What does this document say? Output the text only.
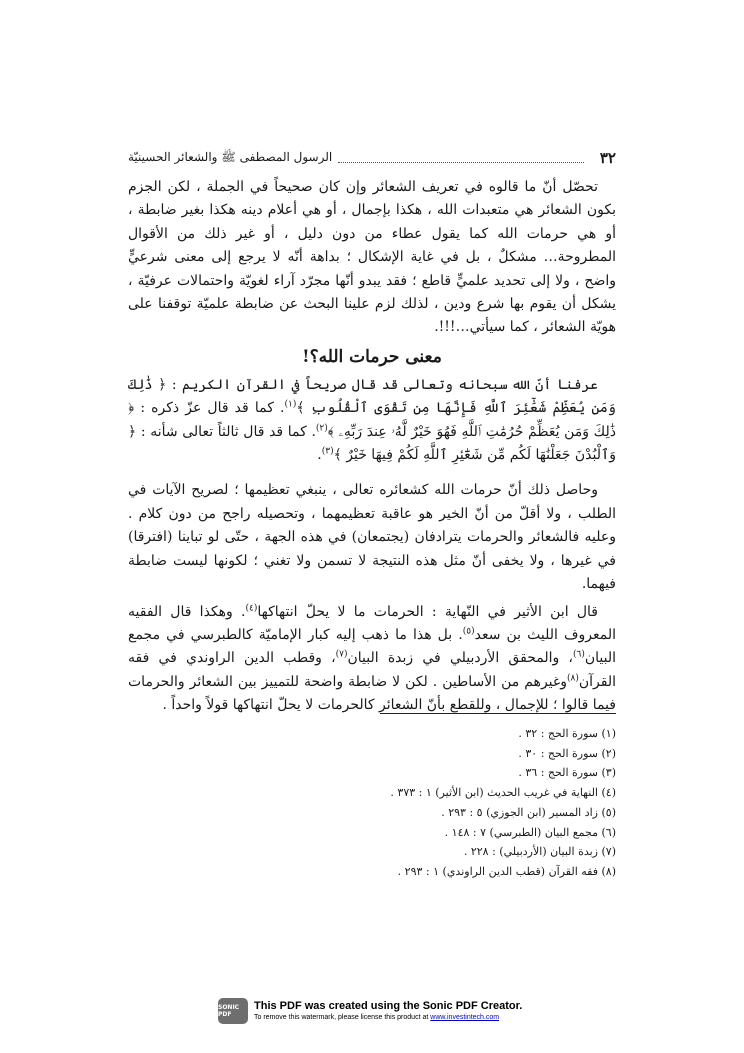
٣٢
الرسول المصطفى ﷺ والشعائر الحسينيّة

تحصّل أنّ ما قالوه في تعريف الشعائر وإن كان صحيحاً في الجملة ، لكن الجزم بكون الشعائر هي متعبدات الله ، هكذا بإجمال ، أو هي أعلام دينه هكذا بغير ضابطة ، أو هي حرمات الله كما يقول عطاء من دون دليل ، أو غير ذلك من الأقوال المطروحة… مشكلٌ ، بل في غاية الإشكال ؛ بداهة أنّه لا يرجع إلى معنى شرعيٍّ واضح ، ولا إلى تحديد علميٍّ قاطع ؛ فقد يبدو أنّها مجرّد آراء لغويّة واحتمالات عرفيّة ، يشكل أن يقوم بها شرع ودين ، لذلك لزم علينا البحث عن ضابطة علميّة توقفنا على هويّة الشعائر ، كما سيأتي…!!!.

معنى حرمات الله؟!

عرفنا أنّ الله سبحانه وتعالى قد قال صريحاً في القرآن الكريم : ﴿ ذَٰلِكَ وَمَن يُعَظِّمْ شَعَٰٓئِرَ ٱللَّهِ فَإِنَّهَا مِن تَقْوَى ٱلْقُلُوبِ ﴾$^{(١)}$. كما قد قال عزّ ذكره : ﴿ ذَٰلِكَ وَمَن يُعَظِّمْ حُرُمَٰتِ ٱللَّهِ فَهُوَ خَيْرٌ لَّهُۥ عِندَ رَبِّهِۦ ﴾$^{(٢)}$. كما قد قال ثالثاً تعالى شأنه : ﴿ وَٱلْبُدْنَ جَعَلْنَٰهَا لَكُم مِّن شَعَٰٓئِرِ ٱللَّهِ لَكُمْ فِيهَا خَيْرٌ ﴾$^{(٣)}$.

وحاصل ذلك أنّ حرمات الله كشعائره تعالى ، ينبغي تعظيمها ؛ لصريح الآيات في الطلب ، ولا أقلّ من أنّ الخير هو عاقبة تعظيمهما ، وتحصيله راجح من دون كلام . وعليه فالشعائر والحرمات يترادفان (يجتمعان) في هذه الجهة ، حتّى لو تباينا (افترقا) في غيرها ، ولا يخفى أنّ مثل هذه النتيجة لا تسمن ولا تغني ؛ لكونها ليست ضابطة فيهما.

قال ابن الأثير في النّهاية : الحرمات ما لا يحلّ انتهاكها$^{(٤)}$. وهكذا قال الفقيه المعروف الليث بن سعد$^{(٥)}$. بل هذا ما ذهب إليه كبار الإماميّة كالطبرسي في مجمع البيان$^{(٦)}$، والمحقق الأردبيلي في زبدة البيان$^{(٧)}$، وقطب الدين الراوندي في فقه القرآن$^{(٨)}$وغيرهم من الأساطين . لكن لا ضابطة واضحة للتمييز بين الشعائر والحرمات فيما قالوا ؛ للإجمال ، وللقطع بأنّ الشعائر كالحرمات لا يحلّ انتهاكها قولاً واحداً .

(١) سورة الحج : ٣٢ .

(٢) سورة الحج : ٣٠ .

(٣) سورة الحج : ٣٦ .

(٤) النهاية في غريب الحديث (ابن الأثير) ١ : ٣٧٣ .

(٥) زاد المسير (ابن الجوزي) ٥ : ٢٩٣ .

(٦) مجمع البيان (الطبرسي) ٧ : ١٤٨ .

(٧) زبدة البيان (الأردبيلي) : ٢٢٨ .

(٨) فقه القرآن (قطب الدين الراوندي) ١ : ٢٩٣ .

SONIC PDF
This PDF was created using the Sonic PDF Creator.
To remove this watermark, please license this product at www.investintech.com
